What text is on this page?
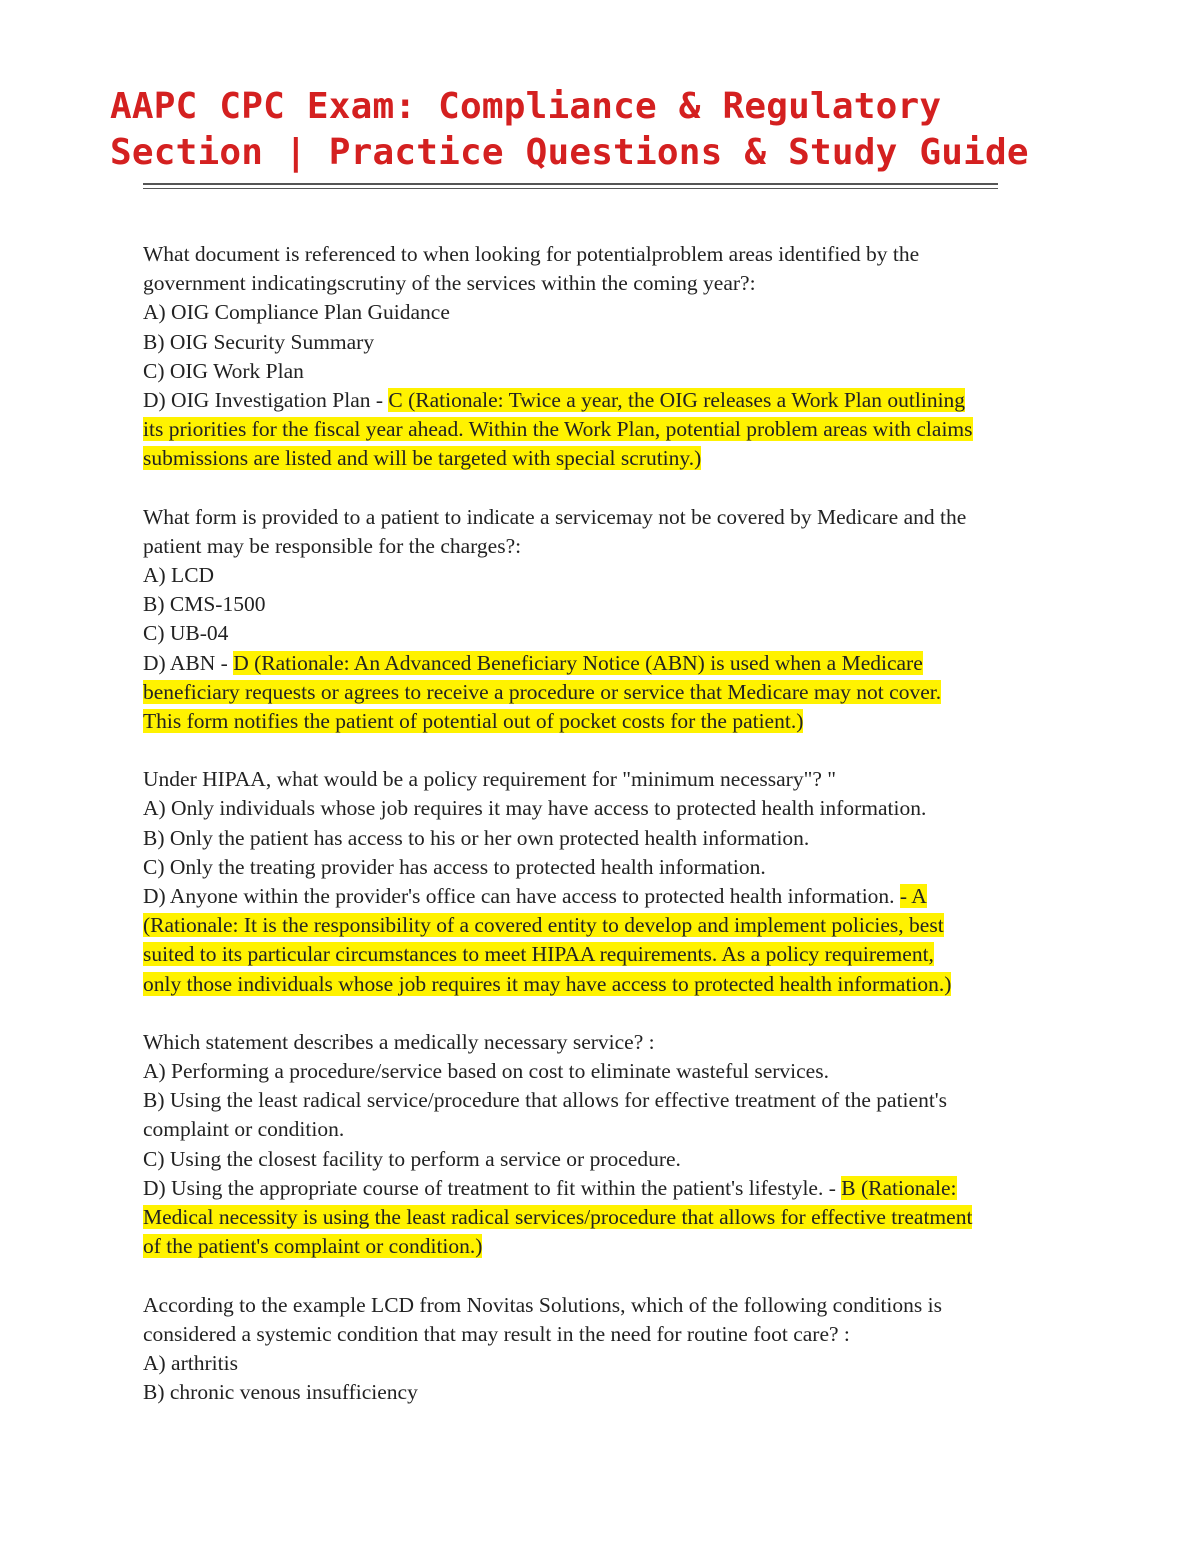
AAPC CPC Exam: Compliance & Regulatory
Section | Practice Questions & Study Guide
What document is referenced to when looking for potentialproblem areas identified by the
government indicatingscrutiny of the services within the coming year?:
A) OIG Compliance Plan Guidance
B) OIG Security Summary
C) OIG Work Plan
D) OIG Investigation Plan - C (Rationale: Twice a year, the OIG releases a Work Plan outlining
its priorities for the fiscal year ahead. Within the Work Plan, potential problem areas with claims
submissions are listed and will be targeted with special scrutiny.)
What form is provided to a patient to indicate a servicemay not be covered by Medicare and the
patient may be responsible for the charges?:
A) LCD
B) CMS-1500
C) UB-04
D) ABN - D (Rationale: An Advanced Beneficiary Notice (ABN) is used when a Medicare
beneficiary requests or agrees to receive a procedure or service that Medicare may not cover.
This form notifies the patient of potential out of pocket costs for the patient.)
Under HIPAA, what would be a policy requirement for "minimum necessary"? "
A) Only individuals whose job requires it may have access to protected health information.
B) Only the patient has access to his or her own protected health information.
C) Only the treating provider has access to protected health information.
D) Anyone within the provider's office can have access to protected health information. - A
(Rationale: It is the responsibility of a covered entity to develop and implement policies, best
suited to its particular circumstances to meet HIPAA requirements. As a policy requirement,
only those individuals whose job requires it may have access to protected health information.)
Which statement describes a medically necessary service? :
A) Performing a procedure/service based on cost to eliminate wasteful services.
B) Using the least radical service/procedure that allows for effective treatment of the patient's
complaint or condition.
C) Using the closest facility to perform a service or procedure.
D) Using the appropriate course of treatment to fit within the patient's lifestyle. - B (Rationale:
Medical necessity is using the least radical services/procedure that allows for effective treatment
of the patient's complaint or condition.)
According to the example LCD from Novitas Solutions, which of the following conditions is
considered a systemic condition that may result in the need for routine foot care? :
A) arthritis
B) chronic venous insufficiency
